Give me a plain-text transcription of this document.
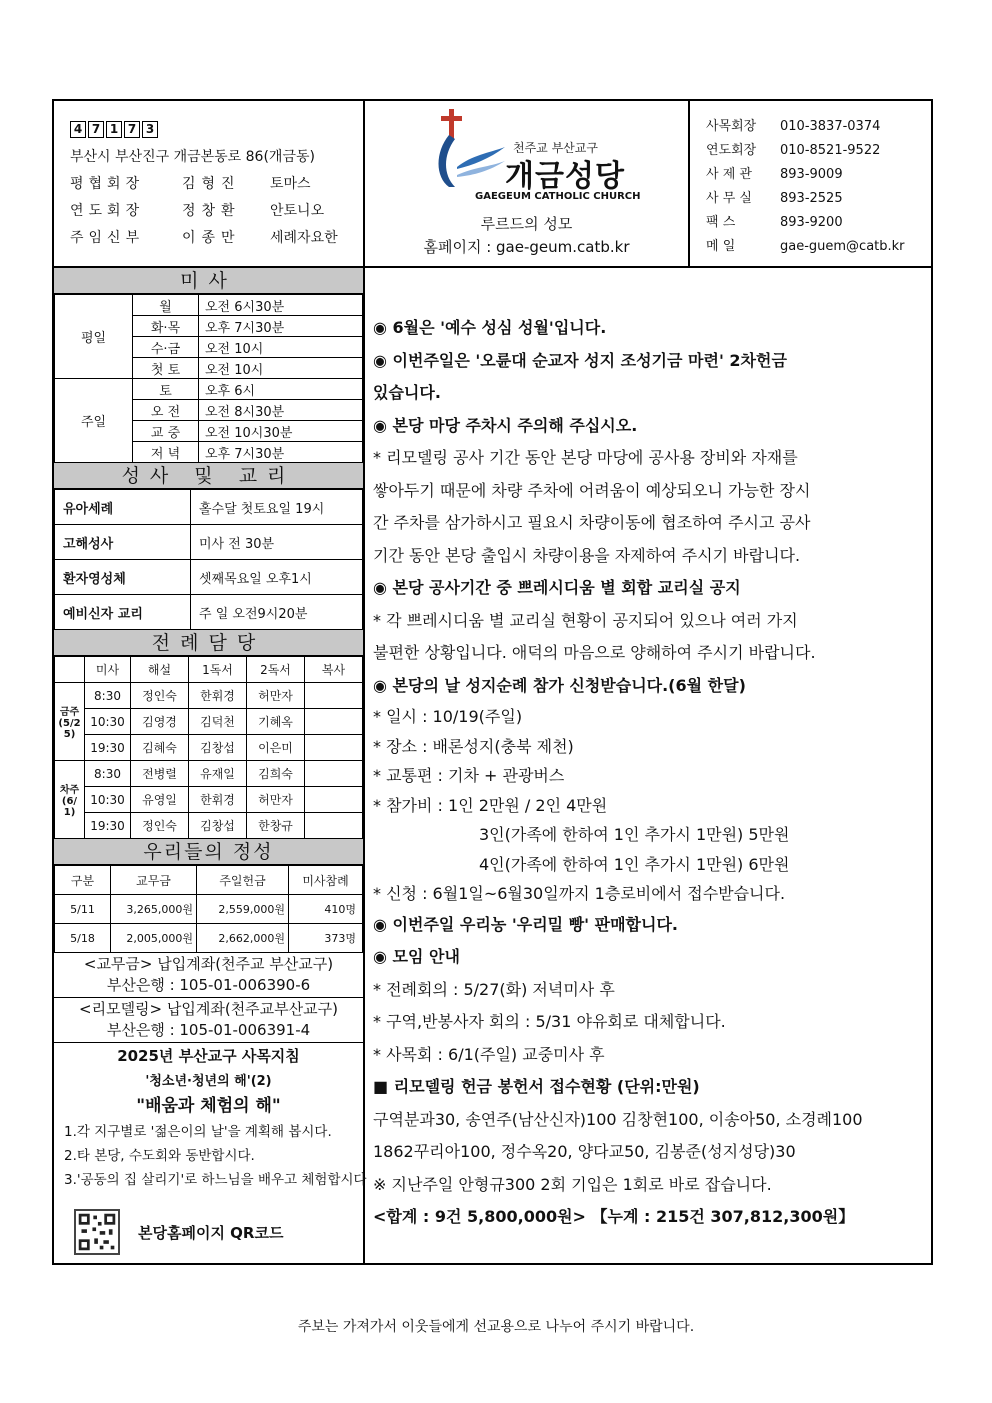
4 7 1 7 3
부산시 부산진구 개금본동로 86(개금동)
평협회장	김형진 토마스
연도회장	정창환 안토니오
주임신부	이종만 세례자요한
천주교 부산교구
개금성당
GAEGEUM CATHOLIC CHURCH
루르드의 성모
홈페이지 : gae-geum.catb.kr
사목회장 010-3837-0374
연도회장 010-8521-9522
사 제 관 893-9009
사 무 실 893-2525
팩 스	893-9200
메 일	gae-guem@catb.kr
미사
평일	월	오전 6시30분
	화·목	오후 7시30분
	수·금	오전 10시
	첫 토	오전 10시
주일	토	오후 6시
	오 전	오전 8시30분
	교 중	오전 10시30분
	저 녁	오후 7시30분
성사 및 교리
유아세례	홀수달 첫토요일 19시
고해성사	미사 전 30분
환자영성체	셋째목요일 오후1시
예비신자 교리	주 일 오전9시20분
전례담당
	미사	해설	1독서	2독서	복사
금주(5/25)	8:30	정인숙	한휘경	허만자	
	10:30	김영경	김덕천	기혜옥	
	19:30	김혜숙	김창섭	이은미	
차주(6/1)	8:30	전병렬	유재일	김희숙	
	10:30	유영일	한휘경	허만자	
	19:30	정인숙	김창섭	한창규	
우리들의 정성
구분	교무금	주일헌금	미사참례
5/11	3,265,000원	2,559,000원	410명
5/18	2,005,000원	2,662,000원	373명
<교무금> 납입계좌(천주교 부산교구)
부산은행 : 105-01-006390-6
<리모델링> 납입계좌(천주교부산교구)
부산은행 : 105-01-006391-4
2025년 부산교구 사목지침
'청소년·청년의 해'(2)
"배움과 체험의 해"
1.각 지구별로 '젊은이의 날'을 계획해 봅시다.
2.타 본당, 수도회와 동반합시다.
3.'공동의 집 살리기'로 하느님을 배우고 체험합시다
본당홈페이지 QR코드
◉ 6월은 '예수 성심 성월'입니다.
◉ 이번주일은 '오륜대 순교자 성지 조성기금 마련' 2차헌금
있습니다.
◉ 본당 마당 주차시 주의해 주십시오.
* 리모델링 공사 기간 동안 본당 마당에 공사용 장비와 자재를
쌓아두기 때문에 차량 주차에 어려움이 예상되오니 가능한 장시
간 주차를 삼가하시고 필요시 차량이동에 협조하여 주시고 공사
기간 동안 본당 출입시 차량이용을 자제하여 주시기 바랍니다.
◉ 본당 공사기간 중 쁘레시디움 별 회합 교리실 공지
* 각 쁘레시디움 별 교리실 현황이 공지되어 있으나 여러 가지
불편한 상황입니다. 애덕의 마음으로 양해하여 주시기 바랍니다.
◉ 본당의 날 성지순례 참가 신청받습니다.(6월 한달)
* 일시 : 10/19(주일)
* 장소 : 배론성지(충북 제천)
* 교통편 : 기차 + 관광버스
* 참가비 : 1인 2만원 / 2인 4만원
3인(가족에 한하여 1인 추가시 1만원) 5만원
4인(가족에 한하여 1인 추가시 1만원) 6만원
* 신청 : 6월1일~6월30일까지 1층로비에서 접수받습니다.
◉ 이번주일 우리농 '우리밀 빵' 판매합니다.
◉ 모임 안내
* 전례회의 : 5/27(화) 저녁미사 후
* 구역,반봉사자 회의 : 5/31 야유회로 대체합니다.
* 사목회 : 6/1(주일) 교중미사 후
■ 리모델링 헌금 봉헌서 접수현황 (단위:만원)
구역분과30, 송연주(남산신자)100 김창현100, 이송아50, 소경례100
1862꾸리아100, 정수옥20, 양다교50, 김봉준(성지성당)30
※ 지난주일 안형규300 2회 기입은 1회로 바로 잡습니다.
<합계 : 9건 5,800,000원> 【누계 : 215건 307,812,300원】
주보는 가져가서 이웃들에게 선교용으로 나누어 주시기 바랍니다.
